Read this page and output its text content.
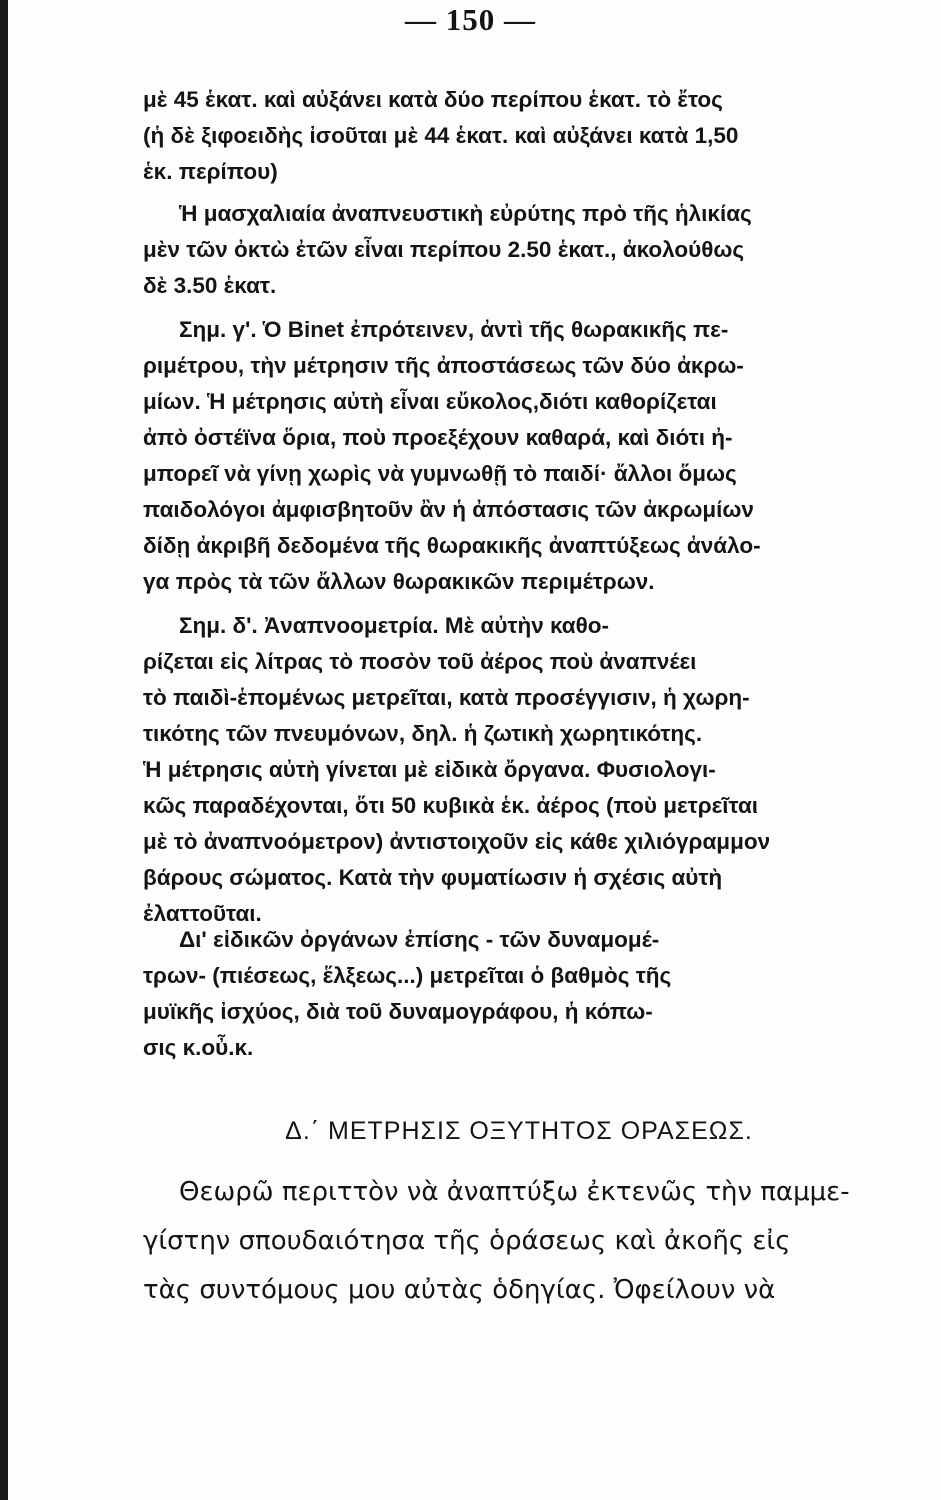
— 150 —
μὲ 45 ἑκατ. καὶ αὐξάνει κατὰ δύο περίπου ἑκατ. τὸ ἔτος
(ἡ δὲ ξιφοειδὴς ἰσοῦται μὲ 44 ἑκατ. καὶ αὐξάνει κατὰ 1,50
ἑκ. περίπου)
Ἡ μασχαλιαία ἀναπνευστικὴ εὐρύτης πρὸ τῆς ἡλικίας
μὲν τῶν ὀκτὼ ἐτῶν εἶναι περίπου 2.50 ἑκατ., ἀκολούθως
δὲ 3.50 ἑκατ.
Σημ. γ'. Ὁ Binet ἐπρότεινεν, ἀντὶ τῆς θωρακικῆς πε-
ριμέτρου, τὴν μέτρησιν τῆς ἀποστάσεως τῶν δύο ἀκρω-
μίων. Ἡ μέτρησις αὐτὴ εἶναι εὔκολος,διότι καθορίζεται
ἀπὸ ὀστέϊνα ὅρια, ποὺ προεξέχουν καθαρά, καὶ διότι ἠ-
μπορεῖ νὰ γίνῃ χωρὶς νὰ γυμνωθῇ τὸ παιδί· ἄλλοι ὅμως
παιδολόγοι ἀμφισβητοῦν ἂν ἡ ἀπόστασις τῶν ἀκρωμίων
δίδῃ ἀκριβῆ δεδομένα τῆς θωρακικῆς ἀναπτύξεως ἀνάλο-
γα πρὸς τὰ τῶν ἄλλων θωρακικῶν περιμέτρων.
Σημ. δ'. Ἀναπνοομετρία. Μὲ αὐτὴν καθο-
ρίζεται εἰς λίτρας τὸ ποσὸν τοῦ ἀέρος ποὺ ἀναπνέει
τὸ παιδὶ-ἑπομένως μετρεῖται, κατὰ προσέγγισιν, ἡ χωρη-
τικότης τῶν πνευμόνων, δηλ. ἡ ζωτικὴ χωρητικότης.
Ἡ μέτρησις αὐτὴ γίνεται μὲ εἰδικὰ ὄργανα. Φυσιολογι-
κῶς παραδέχονται, ὅτι 50 κυβικὰ ἑκ. ἀέρος (ποὺ μετρεῖται
μὲ τὸ ἀναπνοόμετρον) ἀντιστοιχοῦν εἰς κάθε χιλιόγραμμον
βάρους σώματος. Κατὰ τὴν φυματίωσιν ἡ σχέσις αὐτὴ
ἐλαττοῦται.
Δι' εἰδικῶν ὀργάνων ἐπίσης - τῶν δυναμομέ-
τρων- (πιέσεως, ἕλξεως...) μετρεῖται ὁ βαθμὸς τῆς
μυϊκῆς ἰσχύος, διὰ τοῦ δυναμογράφου, ἡ κόπω-
σις κ.οὖ.κ.
Δ.΄ ΜΕΤΡΗΣΙΣ ΟΞΥΤΗΤΟΣ ΟΡΑΣΕΩΣ.
Θεωρῶ περιττὸν νὰ ἀναπτύξω ἐκτενῶς τὴν παμμε-
γίστην σπουδαιότησα τῆς ὁράσεως καὶ ἀκοῆς εἰς
τὰς συντόμους μου αὐτὰς ὁδηγίας. Ὀφείλουν νὰ
